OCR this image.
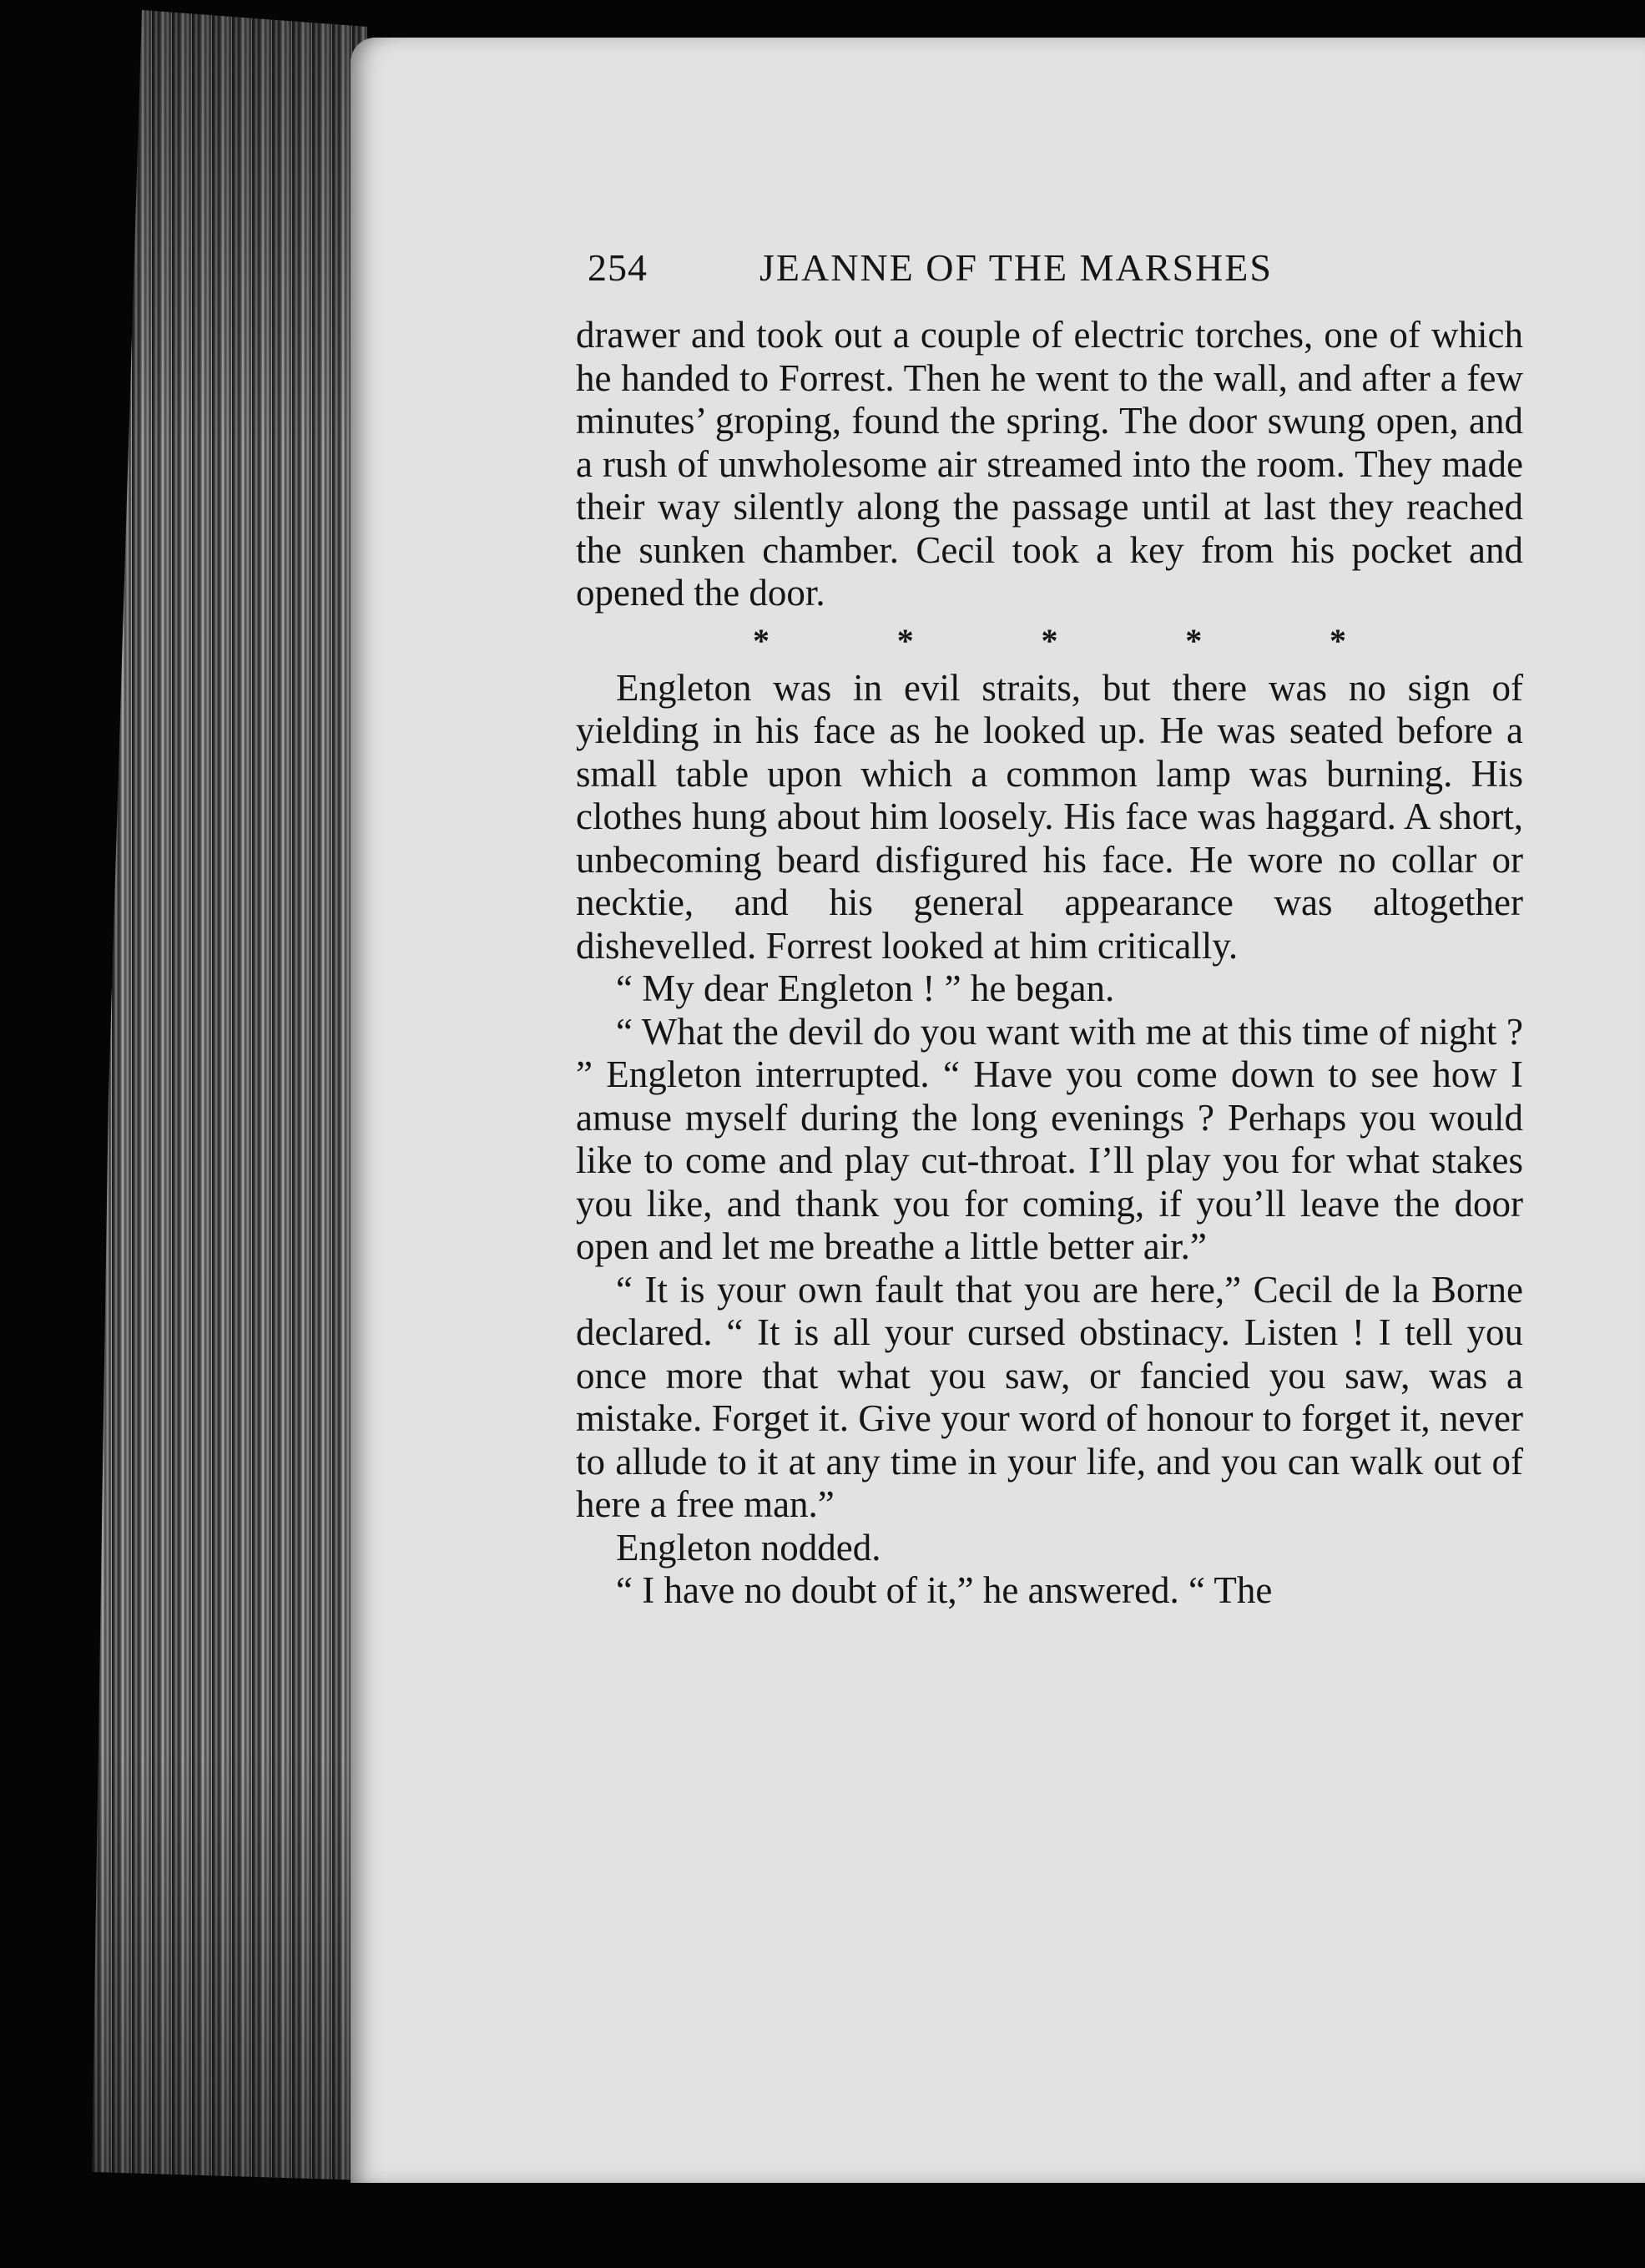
254	JEANNE OF THE MARSHES

drawer and took out a couple of electric torches, one of which he handed to Forrest. Then he went to the wall, and after a few minutes’ groping, found the spring. The door swung open, and a rush of unwholesome air streamed into the room. They made their way silently along the passage until at last they reached the sunken chamber. Cecil took a key from his pocket and opened the door.

*	*	*	*	*

Engleton was in evil straits, but there was no sign of yielding in his face as he looked up. He was seated before a small table upon which a common lamp was burning. His clothes hung about him loosely. His face was haggard. A short, unbecoming beard disfigured his face. He wore no collar or necktie, and his general appearance was altogether dishevelled. Forrest looked at him critically.

“ My dear Engleton ! ” he began.

“ What the devil do you want with me at this time of night ? ” Engleton interrupted. “ Have you come down to see how I amuse myself during the long evenings ? Perhaps you would like to come and play cut-throat. I’ll play you for what stakes you like, and thank you for coming, if you’ll leave the door open and let me breathe a little better air.”

“ It is your own fault that you are here,” Cecil de la Borne declared. “ It is all your cursed obstinacy. Listen ! I tell you once more that what you saw, or fancied you saw, was a mistake. Forget it. Give your word of honour to forget it, never to allude to it at any time in your life, and you can walk out of here a free man.”

Engleton nodded.

“ I have no doubt of it,” he answered. “ The
